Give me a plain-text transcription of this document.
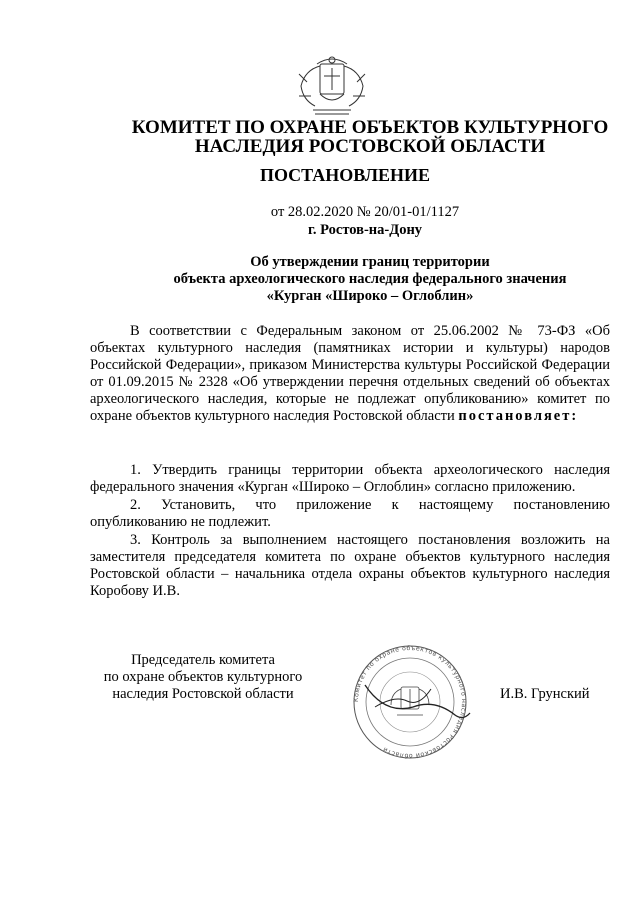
КОМИТЕТ ПО ОХРАНЕ ОБЪЕКТОВ КУЛЬТУРНОГО
НАСЛЕДИЯ РОСТОВСКОЙ ОБЛАСТИ
ПОСТАНОВЛЕНИЕ
от 28.02.2020 № 20/01-01/1127
г. Ростов-на-Дону
Об утверждении границ территории
объекта археологического наследия федерального значения
«Курган «Широко – Оглоблин»
В соответствии с Федеральным законом от 25.06.2002 № 73-ФЗ «Об объектах культурного наследия (памятниках истории и культуры) народов Российской Федерации», приказом Министерства культуры Российской Федерации от 01.09.2015 № 2328 «Об утверждении перечня отдельных сведений об объектах археологического наследия, которые не подлежат опубликованию» комитет по охране объектов культурного наследия Ростовской области постановляет:
1. Утвердить границы территории объекта археологического наследия федерального значения «Курган «Широко – Оглоблин» согласно приложению.
2. Установить, что приложение к настоящему постановлению опубликованию не подлежит.
3. Контроль за выполнением настоящего постановления возложить на заместителя председателя комитета по охране объектов культурного наследия Ростовской области – начальника отдела охраны объектов культурного наследия Коробову И.В.
Председатель комитета
по охране объектов культурного
наследия Ростовской области	Комитет по охране объектов культурного наследия Ростовской области
И.В. Грунский
